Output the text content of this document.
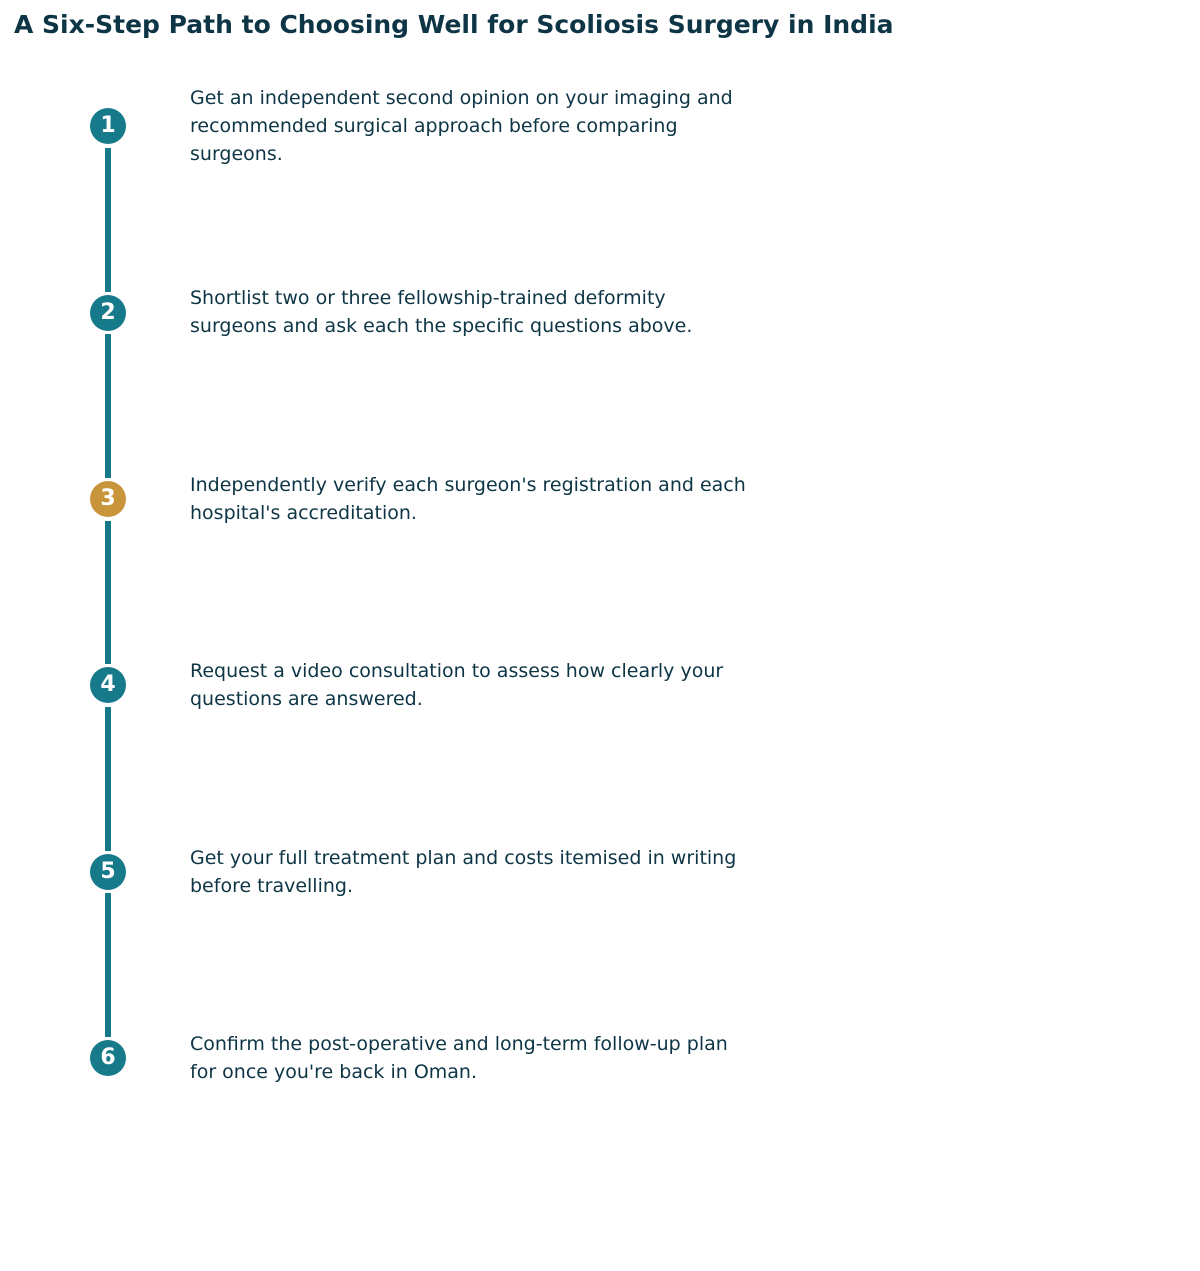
A Six-Step Path to Choosing Well for Scoliosis Surgery in India
1

Get an independent second opinion on your imaging and recommended surgical approach before comparing surgeons.

2

Shortlist two or three fellowship-trained deformity surgeons and ask each the specific questions above.

3

Independently verify each surgeon's registration and each hospital's accreditation.

4

Request a video consultation to assess how clearly your questions are answered.

5

Get your full treatment plan and costs itemised in writing before travelling.

6

Confirm the post-operative and long-term follow-up plan for once you're back in Oman.
